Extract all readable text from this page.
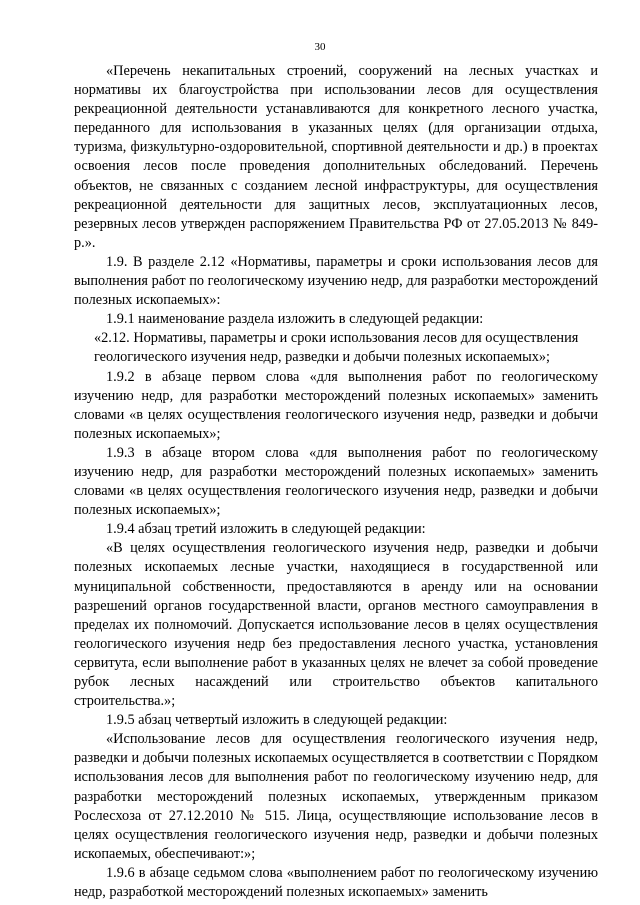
30

«Перечень некапитальных строений, сооружений на лесных участках и нормативы их благоустройства при использовании лесов для осуществления рекреационной деятельности устанавливаются для конкретного лесного участка, переданного для использования в указанных целях (для организации отдыха, туризма, физкультурно-оздоровительной, спортивной деятельности и др.) в проектах освоения лесов после проведения дополнительных обследований. Перечень объектов, не связанных с созданием лесной инфраструктуры, для осуществления рекреационной деятельности для защитных лесов, эксплуатационных лесов, резервных лесов утвержден распоряжением Правительства РФ от 27.05.2013 № 849-р.».

1.9. В разделе 2.12 «Нормативы, параметры и сроки использования лесов для выполнения работ по геологическому изучению недр, для разработки месторождений полезных ископаемых»:

1.9.1 наименование раздела изложить в следующей редакции:

«2.12. Нормативы, параметры и сроки использования лесов для осуществления геологического изучения недр, разведки и добычи полезных ископаемых»;

1.9.2 в абзаце первом слова «для выполнения работ по геологическому изучению недр, для разработки месторождений полезных ископаемых» заменить словами «в целях осуществления геологического изучения недр, разведки и добычи полезных ископаемых»;

1.9.3 в абзаце втором слова «для выполнения работ по геологическому изучению недр, для разработки месторождений полезных ископаемых» заменить словами «в целях осуществления геологического изучения недр, разведки и добычи полезных ископаемых»;

1.9.4 абзац третий изложить в следующей редакции:

«В целях осуществления геологического изучения недр, разведки и добычи полезных ископаемых лесные участки, находящиеся в государственной или муниципальной собственности, предоставляются в аренду или на основании разрешений органов государственной власти, органов местного самоуправления в пределах их полномочий. Допускается использование лесов в целях осуществления геологического изучения недр без предоставления лесного участка, установления сервитута, если выполнение работ в указанных целях не влечет за собой проведение рубок лесных насаждений или строительство объектов капитального строительства.»;

1.9.5 абзац четвертый изложить в следующей редакции:

«Использование лесов для осуществления геологического изучения недр, разведки и добычи полезных ископаемых осуществляется в соответствии с Порядком использования лесов для выполнения работ по геологическому изучению недр, для разработки месторождений полезных ископаемых, утвержденным приказом Рослесхоза от 27.12.2010 № 515. Лица, осуществляющие использование лесов в целях осуществления геологического изучения недр, разведки и добычи полезных ископаемых, обеспечивают:»;

1.9.6 в абзаце седьмом слова «выполнением работ по геологическому изучению недр, разработкой месторождений полезных ископаемых» заменить
